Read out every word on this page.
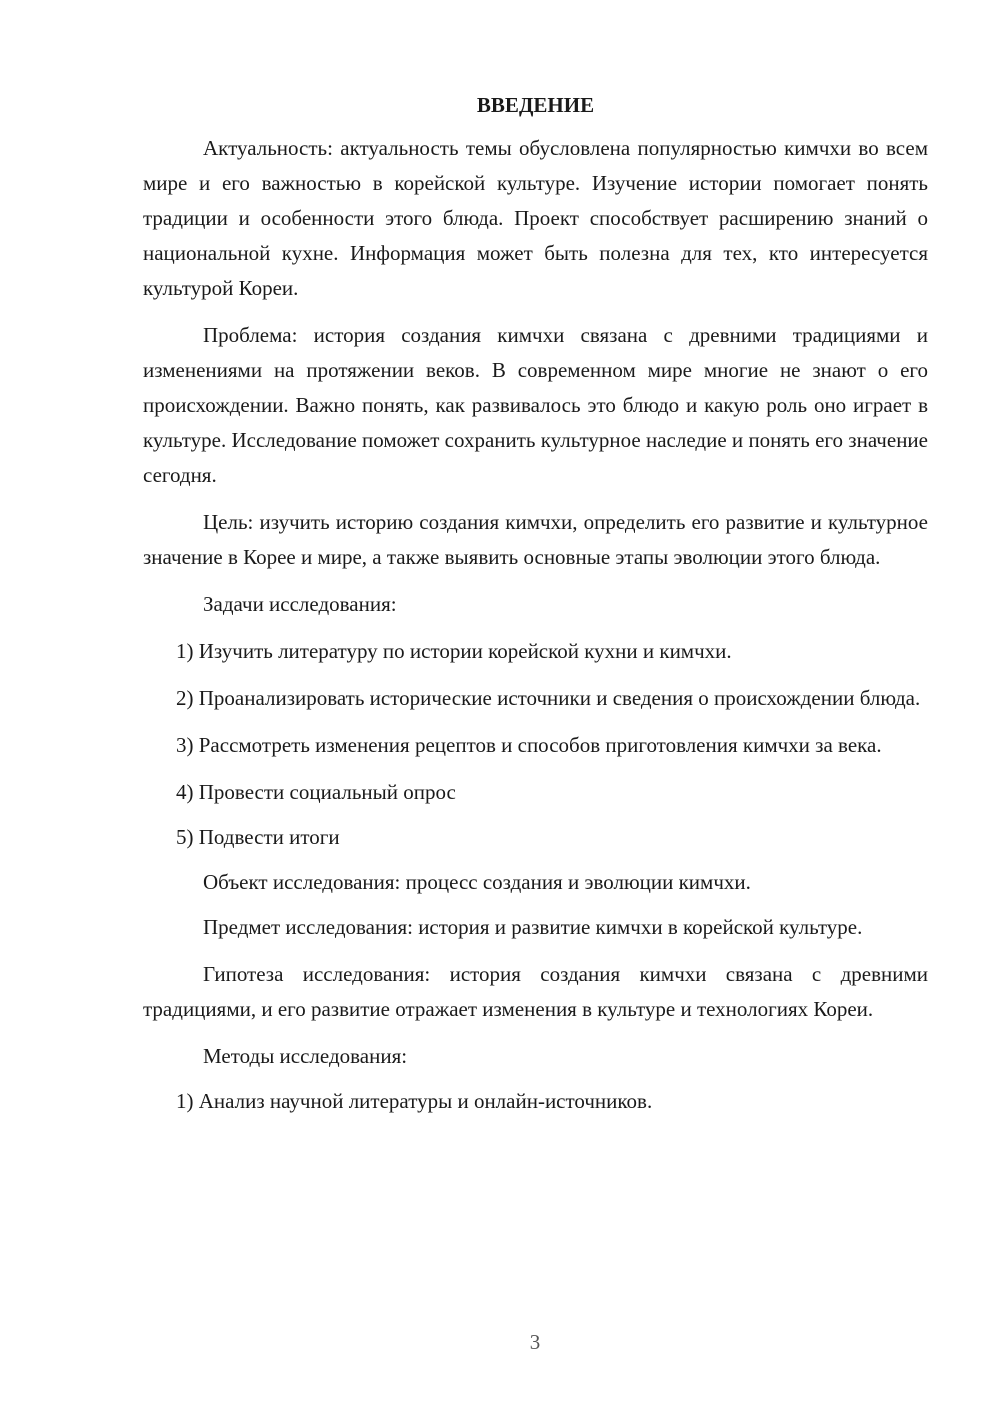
ВВЕДЕНИЕ

Актуальность: актуальность темы обусловлена популярностью кимчхи во всем мире и его важностью в корейской культуре. Изучение истории помогает понять традиции и особенности этого блюда. Проект способствует расширению знаний о национальной кухне. Информация может быть полезна для тех, кто интересуется культурой Кореи.

Проблема: история создания кимчхи связана с древними традициями и изменениями на протяжении веков. В современном мире многие не знают о его происхождении. Важно понять, как развивалось это блюдо и какую роль оно играет в культуре. Исследование поможет сохранить культурное наследие и понять его значение сегодня.

Цель: изучить историю создания кимчхи, определить его развитие и культурное значение в Корее и мире, а также выявить основные этапы эволюции этого блюда.

Задачи исследования:

1) Изучить литературу по истории корейской кухни и кимчхи.

2) Проанализировать исторические источники и сведения о происхождении блюда.

3) Рассмотреть изменения рецептов и способов приготовления кимчхи за века.

4) Провести социальный опрос

5) Подвести итоги

Объект исследования: процесс создания и эволюции кимчхи.

Предмет исследования: история и развитие кимчхи в корейской культуре.

Гипотеза исследования: история создания кимчхи связана с древними традициями, и его развитие отражает изменения в культуре и технологиях Кореи.

Методы исследования:

1) Анализ научной литературы и онлайн-источников.

3
